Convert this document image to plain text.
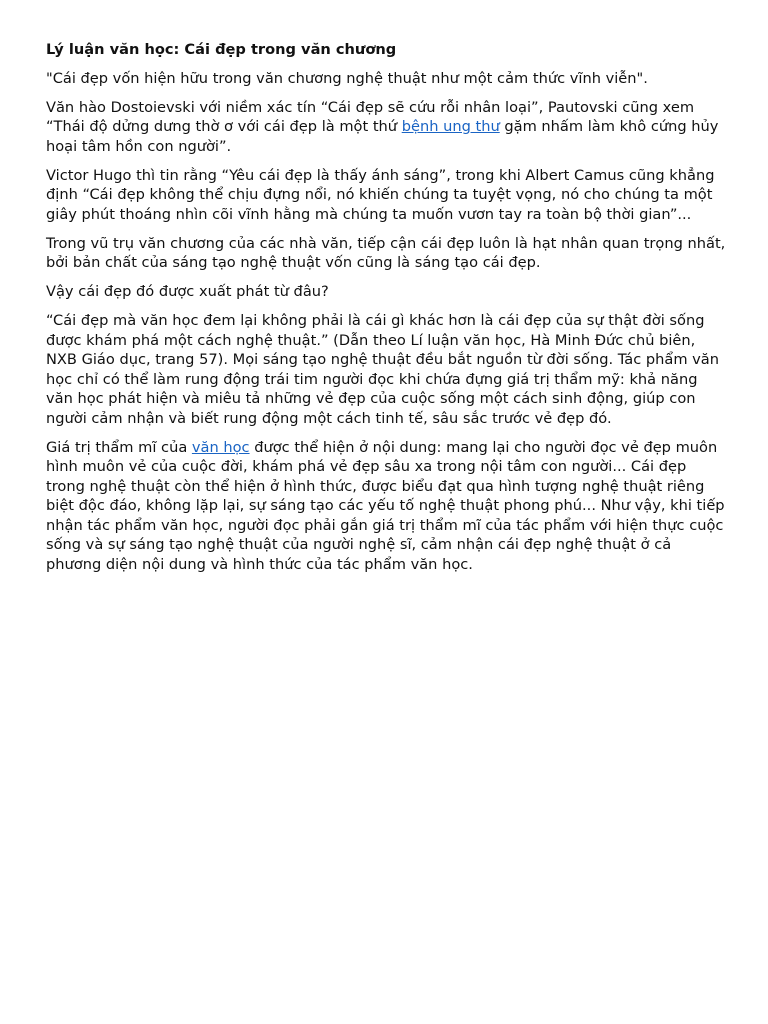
Lý luận văn học: Cái đẹp trong văn chương

"Cái đẹp vốn hiện hữu trong văn chương nghệ thuật như một cảm thức vĩnh viễn".

Văn hào Dostoievski với niềm xác tín “Cái đẹp sẽ cứu rỗi nhân loại”, Pautovski cũng xem “Thái độ dửng dưng thờ ơ với cái đẹp là một thứ bệnh ung thư gặm nhấm làm khô cứng hủy hoại tâm hồn con người”.

Victor Hugo thì tin rằng “Yêu cái đẹp là thấy ánh sáng”, trong khi Albert Camus cũng khẳng định “Cái đẹp không thể chịu đựng nổi, nó khiến chúng ta tuyệt vọng, nó cho chúng ta một giây phút thoáng nhìn cõi vĩnh hằng mà chúng ta muốn vươn tay ra toàn bộ thời gian”...

Trong vũ trụ văn chương của các nhà văn, tiếp cận cái đẹp luôn là hạt nhân quan trọng nhất, bởi bản chất của sáng tạo nghệ thuật vốn cũng là sáng tạo cái đẹp.

Vậy cái đẹp đó được xuất phát từ đâu?

“Cái đẹp mà văn học đem lại không phải là cái gì khác hơn là cái đẹp của sự thật đời sống được khám phá một cách nghệ thuật.” (Dẫn theo Lí luận văn học, Hà Minh Đức chủ biên, NXB Giáo dục, trang 57). Mọi sáng tạo nghệ thuật đều bắt nguồn từ đời sống. Tác phẩm văn học chỉ có thể làm rung động trái tim người đọc khi chứa đựng giá trị thẩm mỹ: khả năng văn học phát hiện và miêu tả những vẻ đẹp của cuộc sống một cách sinh động, giúp con người cảm nhận và biết rung động một cách tinh tế, sâu sắc trước vẻ đẹp đó.

Giá trị thẩm mĩ của văn học được thể hiện ở nội dung: mang lại cho người đọc vẻ đẹp muôn hình muôn vẻ của cuộc đời, khám phá vẻ đẹp sâu xa trong nội tâm con người... Cái đẹp trong nghệ thuật còn thể hiện ở hình thức, được biểu đạt qua hình tượng nghệ thuật riêng biệt độc đáo, không lặp lại, sự sáng tạo các yếu tố nghệ thuật phong phú... Như vậy, khi tiếp nhận tác phẩm văn học, người đọc phải gắn giá trị thẩm mĩ của tác phẩm với hiện thực cuộc sống và sự sáng tạo nghệ thuật của người nghệ sĩ, cảm nhận cái đẹp nghệ thuật ở cả phương diện nội dung và hình thức của tác phẩm văn học.
